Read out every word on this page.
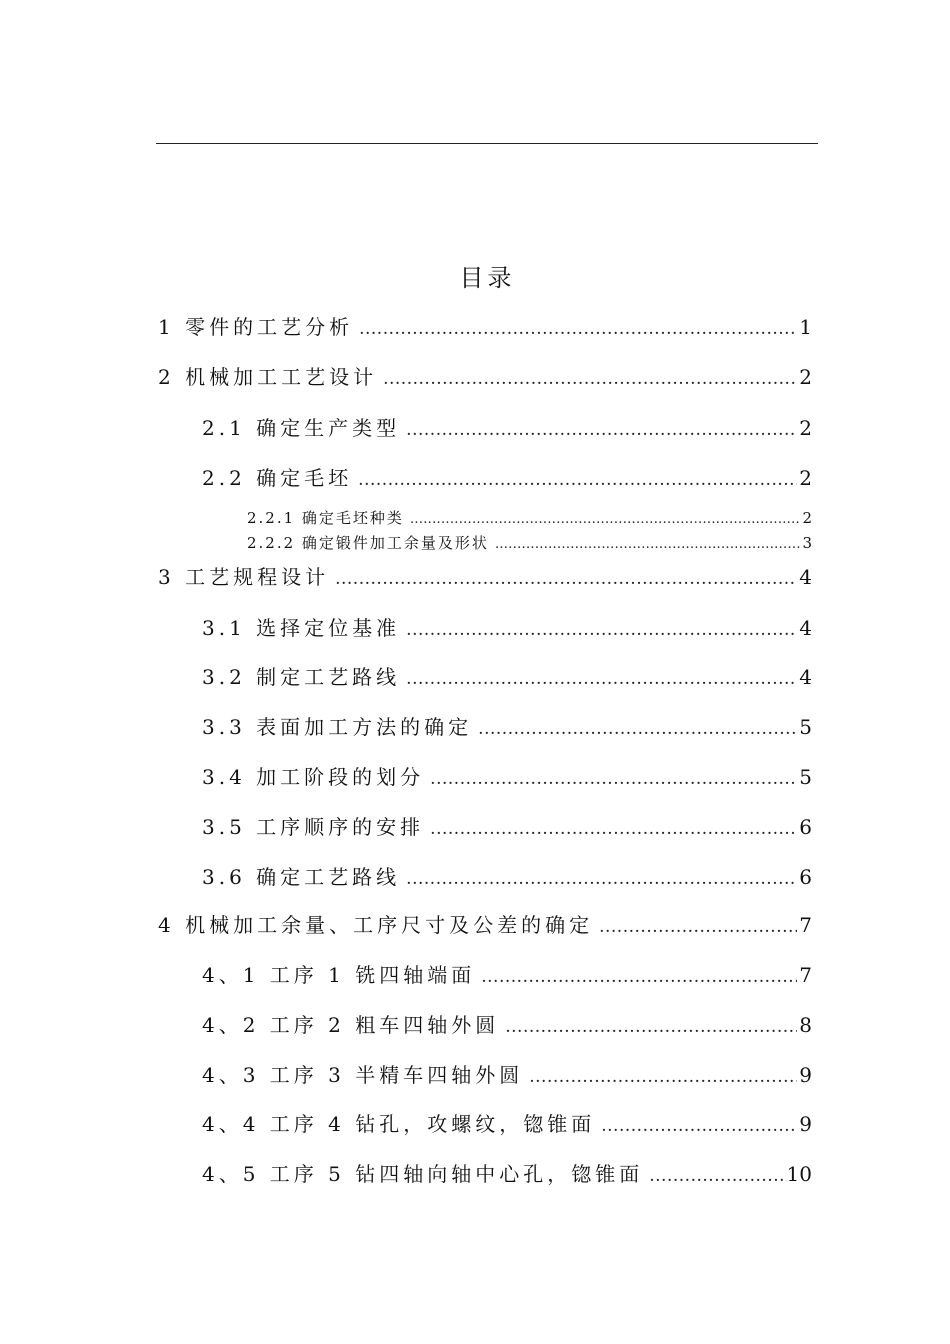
目录
1 零件的工艺分析 .....	1
2 机械加工工艺设计 .....	2
2.1 确定生产类型 .....	2
2.2 确定毛坯 .....	2
2.2.1 确定毛坯种类 .....	2
2.2.2 确定锻件加工余量及形状 .....	3
3 工艺规程设计 .....	4
3.1 选择定位基准 .....	4
3.2 制定工艺路线 .....	4
3.3 表面加工方法的确定 .....	5
3.4 加工阶段的划分 .....	5
3.5 工序顺序的安排 .....	6
3.6 确定工艺路线 .....	6
4 机械加工余量、工序尺寸及公差的确定 .....	7
4、1 工序 1 铣四轴端面 .....	7
4、2 工序 2 粗车四轴外圆 .....	8
4、3 工序 3 半精车四轴外圆 .....	9
4、4 工序 4 钻孔，攻螺纹，锪锥面 .....	9
4、5 工序 5 钻四轴向轴中心孔，锪锥面 .....	10
